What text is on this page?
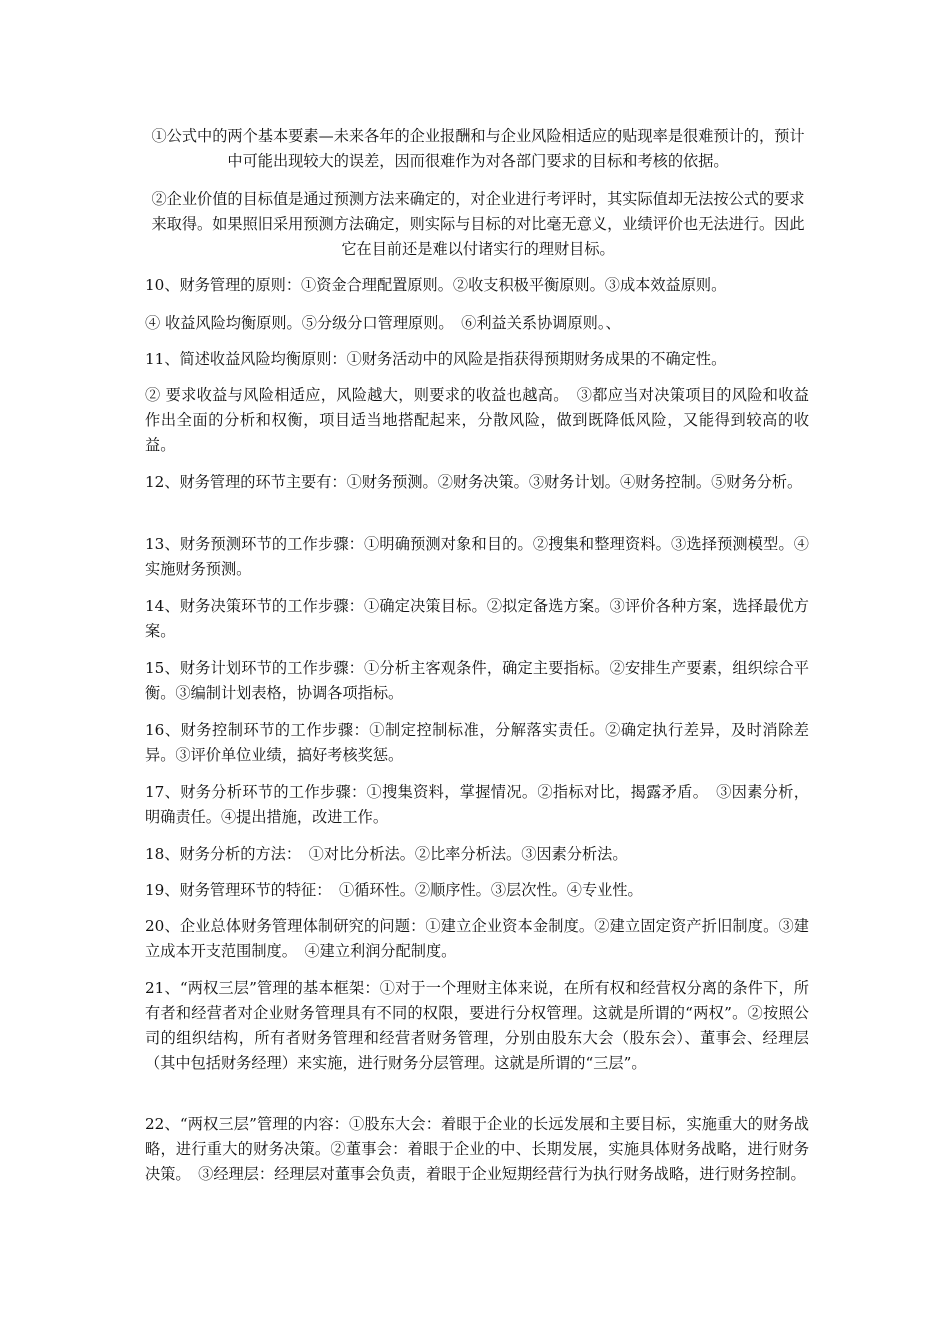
①公式中的两个基本要素—未来各年的企业报酬和与企业风险相适应的贴现率是很难预计的，预计中可能出现较大的误差，因而很难作为对各部门要求的目标和考核的依据。

②企业价值的目标值是通过预测方法来确定的，对企业进行考评时，其实际值却无法按公式的要求来取得。如果照旧采用预测方法确定，则实际与目标的对比毫无意义，业绩评价也无法进行。因此它在目前还是难以付诸实行的理财目标。

10、财务管理的原则：①资金合理配置原则。②收支积极平衡原则。③成本效益原则。

④ 收益风险均衡原则。⑤分级分口管理原则。　⑥利益关系协调原则。、

11、简述收益风险均衡原则：①财务活动中的风险是指获得预期财务成果的不确定性。

② 要求收益与风险相适应，风险越大，则要求的收益也越高。　③都应当对决策项目的风险和收益作出全面的分析和权衡，项目适当地搭配起来，分散风险，做到既降低风险，又能得到较高的收益。

12、财务管理的环节主要有：①财务预测。②财务决策。③财务计划。④财务控制。⑤财务分析。

13、财务预测环节的工作步骤：①明确预测对象和目的。②搜集和整理资料。③选择预测模型。④实施财务预测。

14、财务决策环节的工作步骤：①确定决策目标。②拟定备选方案。③评价各种方案，选择最优方案。

15、财务计划环节的工作步骤：①分析主客观条件，确定主要指标。②安排生产要素，组织综合平衡。③编制计划表格，协调各项指标。

16、财务控制环节的工作步骤：①制定控制标准，分解落实责任。②确定执行差异，及时消除差异。③评价单位业绩，搞好考核奖惩。

17、财务分析环节的工作步骤：①搜集资料，掌握情况。②指标对比，揭露矛盾。　③因素分析，明确责任。④提出措施，改进工作。

18、财务分析的方法：　①对比分析法。②比率分析法。③因素分析法。

19、财务管理环节的特征：　①循环性。②顺序性。③层次性。④专业性。

20、企业总体财务管理体制研究的问题：①建立企业资本金制度。②建立固定资产折旧制度。③建立成本开支范围制度。　④建立利润分配制度。

21、“两权三层”管理的基本框架：①对于一个理财主体来说，在所有权和经营权分离的条件下，所有者和经营者对企业财务管理具有不同的权限，要进行分权管理。这就是所谓的“两权”。②按照公司的组织结构，所有者财务管理和经营者财务管理，分别由股东大会（股东会）、董事会、经理层（其中包括财务经理）来实施，进行财务分层管理。这就是所谓的“三层”。

22、“两权三层”管理的内容：①股东大会：着眼于企业的长远发展和主要目标，实施重大的财务战略，进行重大的财务决策。②董事会：着眼于企业的中、长期发展，实施具体财务战略，进行财务决策。　③经理层：经理层对董事会负责，着眼于企业短期经营行为执行财务战略，进行财务控制。
